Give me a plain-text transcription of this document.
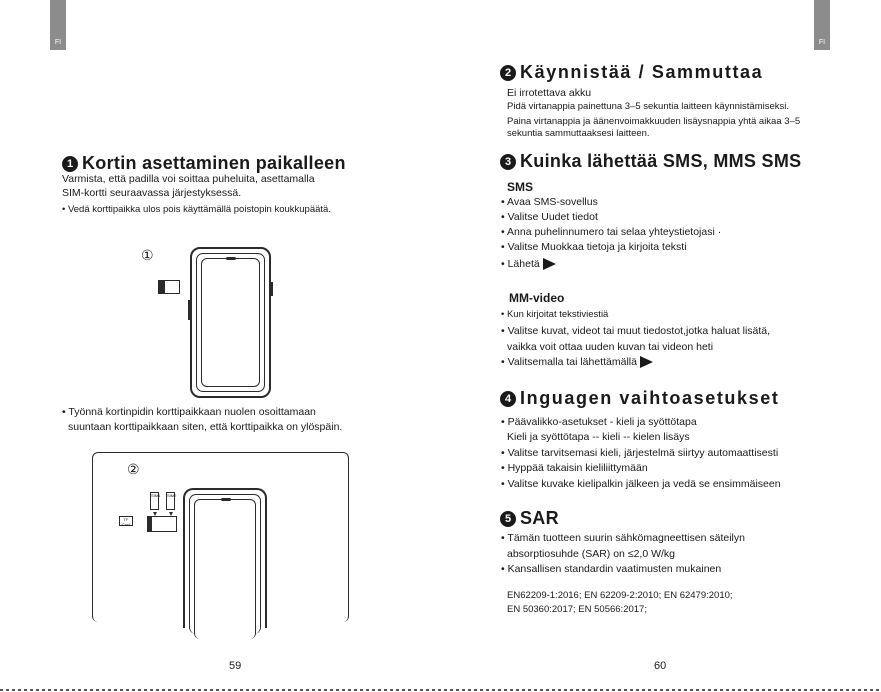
FI	FI
1 Kortin asettaminen paikalleen
Varmista, että padilla voi soittaa puheluita, asettamalla
SIM-kortti seuraavassa järjestyksessä.
• Vedä korttipaikka ulos pois käyttämällä poistopin koukkupäätä.
①
• Työnnä kortinpidin korttipaikkaan nuolen osoittamaan
suuntaan korttipaikkaan siten, että korttipaikka on ylöspäin.
②
SIM1 SIM2
TF Card
59
2 Käynnistää / Sammuttaa
Ei irrotettava akku
Pidä virtanappia painettuna 3–5 sekuntia laitteen käynnistämiseksi.
Paina virtanappia ja äänenvoimakkuuden lisäysnappia yhtä aikaa 3–5
sekuntia sammuttaaksesi laitteen.
3 Kuinka lähettää SMS, MMS SMS
SMS
• Avaa SMS-sovellus
• Valitse Uudet tiedot
• Anna puhelinnumero tai selaa yhteystietojasi ·
• Valitse Muokkaa tietoja ja kirjoita teksti
• Lähetä
MM-video
• Kun kirjoitat tekstiviestiä
• Valitse kuvat, videot tai muut tiedostot,jotka haluat lisätä,
vaikka voit ottaa uuden kuvan tai videon heti
• Valitsemalla tai lähettämällä
4 Inguagen vaihtoasetukset
• Päävalikko-asetukset - kieli ja syöttötapa
Kieli ja syöttötapa -- kieli -- kielen lisäys
• Valitse tarvitsemasi kieli, järjestelmä siirtyy automaattisesti
• Hyppää takaisin kieliliittymään
• Valitse kuvake kielipalkin jälkeen ja vedä se ensimmäiseen
5 SAR
• Tämän tuotteen suurin sähkömagneettisen säteilyn
absorptiosuhde (SAR) on ≤2,0 W/kg
• Kansallisen standardin vaatimusten mukainen
EN62209-1:2016; EN 62209-2:2010; EN 62479:2010;
EN 50360:2017; EN 50566:2017;
60
